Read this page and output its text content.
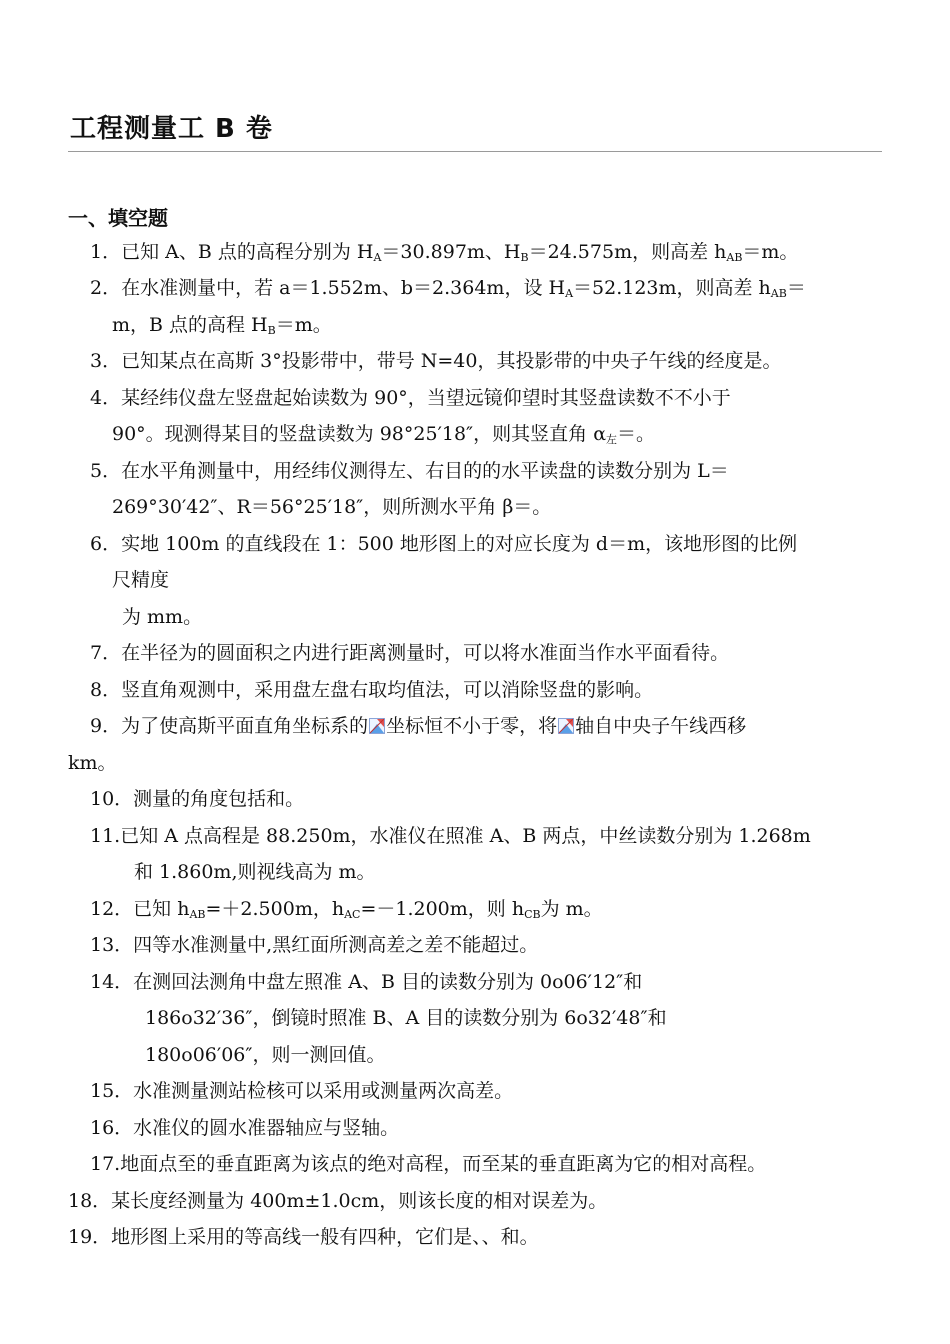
工程测量工 B 卷
一、填空题
1．已知 A、B 点的高程分别为 $H_A=30.897m$、$H_B=24.575m$，则高差 $h_{AB}=m$。
2．在水准测量中，若 a＝1.552m、b＝2.364m，设 $H_A=52.123m$，则高差 $h_{AB}=$
m，B 点的高程 $H_B=m$。
3．已知某点在高斯 3°投影带中，带号 N=40，其投影带的中央子午线的经度是。
4．某经纬仪盘左竖盘起始读数为 90°，当望远镜仰望时其竖盘读数不不小于
90°。现测得某目的竖盘读数为 98°25′18″，则其竖直角 $\alpha_左=$。
5．在水平角测量中，用经纬仪测得左、右目的的水平读盘的读数分别为 L＝
269°30′42″、R＝56°25′18″，则所测水平角 β＝。
6．实地 100m 的直线段在 1：500 地形图上的对应长度为 d＝m，该地形图的比例
尺精度
为 mm。
7．在半径为的圆面积之内进行距离测量时，可以将水准面当作水平面看待。
8．竖直角观测中，采用盘左盘右取均值法，可以消除竖盘的影响。
9．为了使高斯平面直角坐标系的 坐标恒不小于零，将 轴自中央子午线西移
km。
10．测量的角度包括和。
11.已知 A 点高程是 88.250m，水准仪在照准 A、B 两点，中丝读数分别为 1.268m
和 1.860m,则视线高为 m。
12．已知 $h_{AB}=+2.500m$，$h_{AC}=-1.200m$，则 $h_{CB}$为 m。
13．四等水准测量中,黑红面所测高差之差不能超过。
14．在测回法测角中盘左照准 A、B 目的读数分别为 0o06′12″和
186o32′36″，倒镜时照准 B、A 目的读数分别为 6o32′48″和
180o06′06″，则一测回值。
15．水准测量测站检核可以采用或测量两次高差。
16．水准仪的圆水准器轴应与竖轴。
17.地面点至的垂直距离为该点的绝对高程，而至某的垂直距离为它的相对高程。
18．某长度经测量为 400m±1.0cm，则该长度的相对误差为。
19．地形图上采用的等高线一般有四种，它们是、、和。
